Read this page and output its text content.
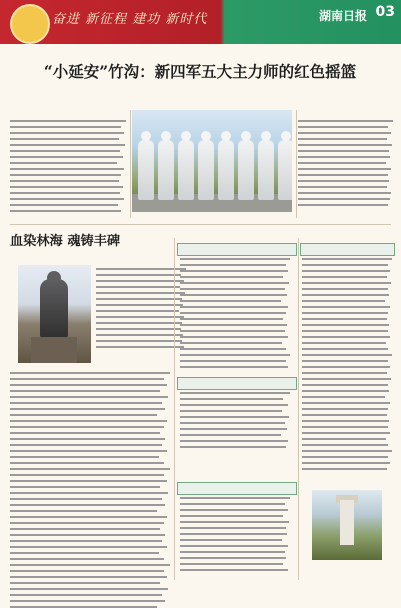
奋进 新征程 建功 新时代	湖南日报 03
“小延安”竹沟：新四军五大主力师的红色摇篮
血染林海 魂铸丰碑
